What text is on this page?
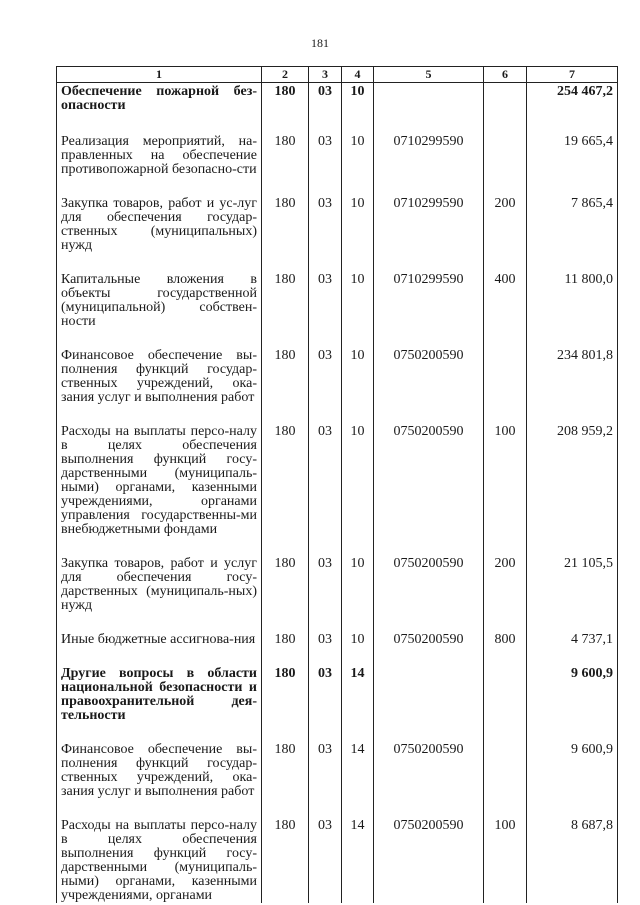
181
1	2	3	4	5	6	7
Обеспечение пожарной без-опасности	180	03	10			254 467,2

Реализация мероприятий, на-правленных на обеспечение противопожарной безопасно-сти	180	03	10	0710299590		19 665,4

Закупка товаров, работ и ус-луг для обеспечения государ-ственных (муниципальных) нужд	180	03	10	0710299590	200	7 865,4

Капитальные вложения в объекты государственной (муниципальной) собствен-ности	180	03	10	0710299590	400	11 800,0

Финансовое обеспечение вы-полнения функций государ-ственных учреждений, ока-зания услуг и выполнения работ	180	03	10	0750200590		234 801,8

Расходы на выплаты персо-налу в целях обеспечения выполнения функций госу-дарственными (муниципаль-ными) органами, казенными учреждениями, органами управления государственны-ми внебюджетными фондами	180	03	10	0750200590	100	208 959,2

Закупка товаров, работ и услуг для обеспечения госу-дарственных (муниципаль-ных) нужд	180	03	10	0750200590	200	21 105,5

Иные бюджетные ассигнова-ния	180	03	10	0750200590	800	4 737,1

Другие вопросы в области национальной безопасности и правоохранительной дея-тельности	180	03	14			9 600,9

Финансовое обеспечение вы-полнения функций государ-ственных учреждений, ока-зания услуг и выполнения работ	180	03	14	0750200590		9 600,9

Расходы на выплаты персо-налу в целях обеспечения выполнения функций госу-дарственными (муниципаль-ными) органами, казенными учреждениями, органами	180	03	14	0750200590	100	8 687,8
